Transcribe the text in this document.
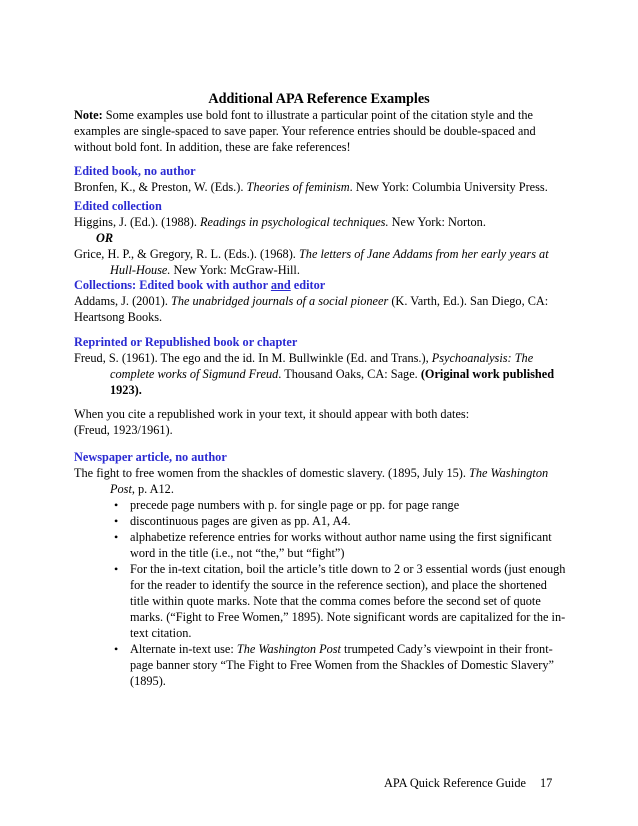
Additional APA Reference Examples
Note: Some examples use bold font to illustrate a particular point of the citation style and the examples are single-spaced to save paper. Your reference entries should be double-spaced and without bold font. In addition, these are fake references!
Edited book, no author
Bronfen, K., & Preston, W. (Eds.). Theories of feminism. New York: Columbia University Press.
Edited collection
Higgins, J. (Ed.). (1988). Readings in psychological techniques. New York: Norton.
OR
Grice, H. P., & Gregory, R. L. (Eds.). (1968). The letters of Jane Addams from her early years at Hull-House. New York: McGraw-Hill.
Collections: Edited book with author and editor
Addams, J. (2001). The unabridged journals of a social pioneer (K. Varth, Ed.). San Diego, CA: Heartsong Books.
Reprinted or Republished book or chapter
Freud, S. (1961). The ego and the id. In M. Bullwinkle (Ed. and Trans.), Psychoanalysis: The complete works of Sigmund Freud. Thousand Oaks, CA: Sage. (Original work published 1923).
When you cite a republished work in your text, it should appear with both dates:
(Freud, 1923/1961).
Newspaper article, no author
The fight to free women from the shackles of domestic slavery. (1895, July 15). The Washington Post, p. A12.
• precede page numbers with p. for single page or pp. for page range
• discontinuous pages are given as pp. A1, A4.
• alphabetize reference entries for works without author name using the first significant word in the title (i.e., not “the,” but “fight”)
• For the in-text citation, boil the article’s title down to 2 or 3 essential words (just enough for the reader to identify the source in the reference section), and place the shortened title within quote marks. Note that the comma comes before the second set of quote marks. (“Fight to Free Women,” 1895). Note significant words are capitalized for the in-text citation.
• Alternate in-text use: The Washington Post trumpeted Cady’s viewpoint in their front-page banner story “The Fight to Free Women from the Shackles of Domestic Slavery” (1895).
APA Quick Reference Guide 17
